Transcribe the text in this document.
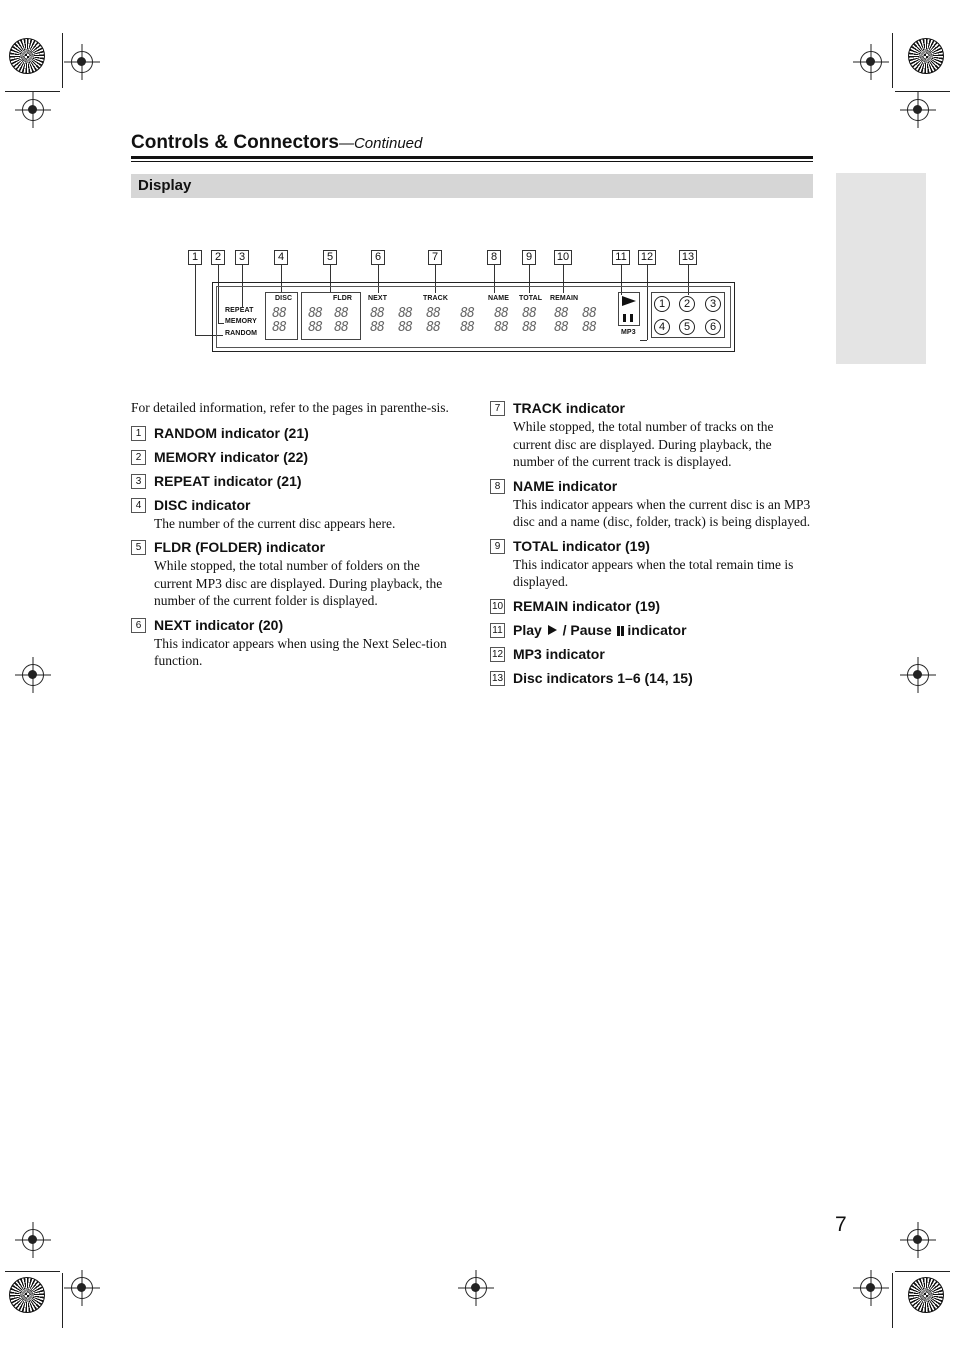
Controls & Connectors—Continued
Display
1	2	3	4	5	6	7	8	9	10	11 12	13
REPEAT
MEMORY
RANDOM
DISC
88
88
FLDR
88
88
88
88
NEXT	TRACK	NAME TOTAL REMAIN
88
88
88
88
88
88
88
88
88
88
88
88
88
88
88
88	MP3
1	2	3
4	5	6

For detailed information, refer to the pages in parenthe-sis.

1 RANDOM indicator (21)
2 MEMORY indicator (22)
3 REPEAT indicator (21)
4 DISC indicator
The number of the current disc appears here.
5 FLDR (FOLDER) indicator
While stopped, the total number of folders on the current MP3 disc are displayed. During playback, the number of the current folder is displayed.
6 NEXT indicator (20)
This indicator appears when using the Next Selec-tion function.
7 TRACK indicator
While stopped, the total number of tracks on the current disc are displayed. During playback, the number of the current track is displayed.
8 NAME indicator
This indicator appears when the current disc is an MP3 disc and a name (disc, folder, track) is being displayed.
9 TOTAL indicator (19)
This indicator appears when the total remain time is displayed.
10 REMAIN indicator (19)
11 Play / Pause indicator
12 MP3 indicator
13 Disc indicators 1–6 (14, 15)
7
